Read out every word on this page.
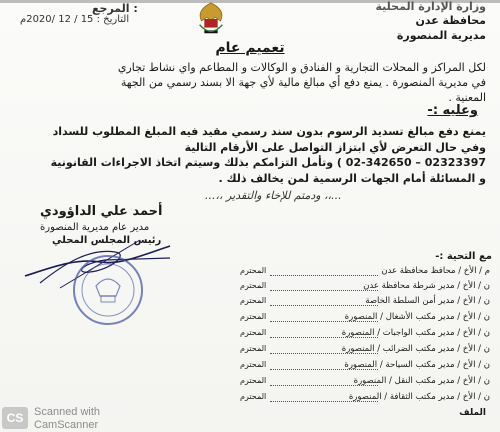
المرجع :
التاريخ : 15 / 12 /2020م
وزارة الإدارة المحلية
محافظة عدن
مديرية المنصورة
تعميم عام
لكل المراكز و المحلات التجارية و الفنادق و الوكالات و المطاعم واي نشاط تجاري
في مديرية المنصورة . يمنع دفع أي مبالغ مالية لأي جهة الا بسند رسمي من الجهة
المعنية .
وعليه :-
يمنع دفع مبالغ تسديد الرسوم بدون سند رسمي مقيد فيه المبلغ المطلوب للسداد
وفي حال التعرض لأي ابتزاز التواصل على الأرقام التالية
02323397 – 02-342650 ) وتأمل التزامكم بذلك وسيتم اتخاذ الاجراءات القانونية
و المسائلة أمام الجهات الرسمية لمن يخالف ذلك .
...،، ودمتم للإخاء والتقدير ،،...
أحمد علي الداؤودي
مدير عام مديرية المنصورة
رئيس المجلس المحلي
مع التحية :-
م / الأخ / محافظ محافظة عدن
المحترم
ن / الأخ / مدير شرطة محافظة عدن
المحترم
ن / الأخ / مدير أمن السلطة الخاصة
المحترم
ن / الأخ / مدير مكتب الأشغال / المنصورة
المحترم
ن / الأخ / مدير مكتب الواجبات / المنصورة
المحترم
ن / الأخ / مدير مكتب الضرائب / المنصورة
المحترم
ن / الأخ / مدير مكتب السياحة / المنصورة
المحترم
ن / الأخ / مدير مكتب النقل / المنصورة
المحترم
ن / الأخ / مدير مكتب الثقافة / المنصورة
المحترم
الملف
CS Scanned with
CamScanner
